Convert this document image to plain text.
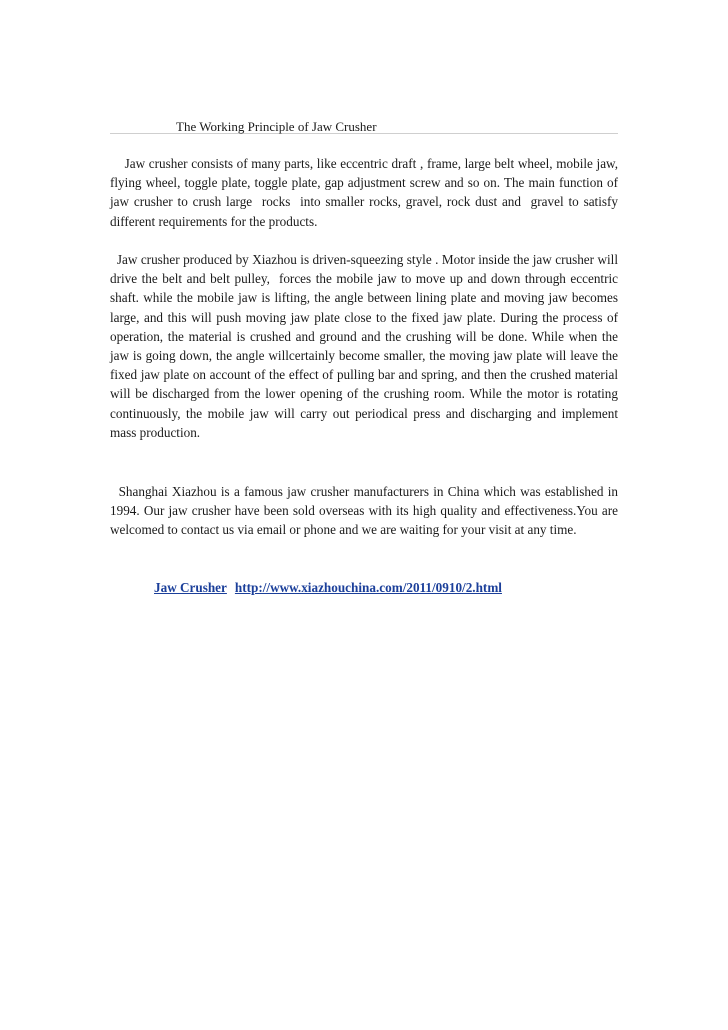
The Working Principle of Jaw Crusher

Jaw crusher consists of many parts, like eccentric draft , frame, large belt wheel, mobile jaw, flying wheel, toggle plate, toggle plate, gap adjustment screw and so on. The main function of jaw crusher to crush large  rocks  into smaller rocks, gravel, rock dust and  gravel to satisfy different requirements for the products.

Jaw crusher produced by Xiazhou is driven-squeezing style . Motor inside the jaw crusher will drive the belt and belt pulley,  forces the mobile jaw to move up and down through eccentric shaft. while the mobile jaw is lifting, the angle between lining plate and moving jaw becomes large, and this will push moving jaw plate close to the fixed jaw plate. During the process of operation, the material is crushed and ground and the crushing will be done. While when the jaw is going down, the angle willcertainly become smaller, the moving jaw plate will leave the fixed jaw plate on account of the effect of pulling bar and spring, and then the crushed material will be discharged from the lower opening of the crushing room. While the motor is rotating continuously, the mobile jaw will carry out periodical press and discharging and implement mass production.

Shanghai Xiazhou is a famous jaw crusher manufacturers in China which was established in 1994. Our jaw crusher have been sold overseas with its high quality and effectiveness.You are welcomed to contact us via email or phone and we are waiting for your visit at any time.

Jaw Crusher http://www.xiazhouchina.com/2011/0910/2.html
